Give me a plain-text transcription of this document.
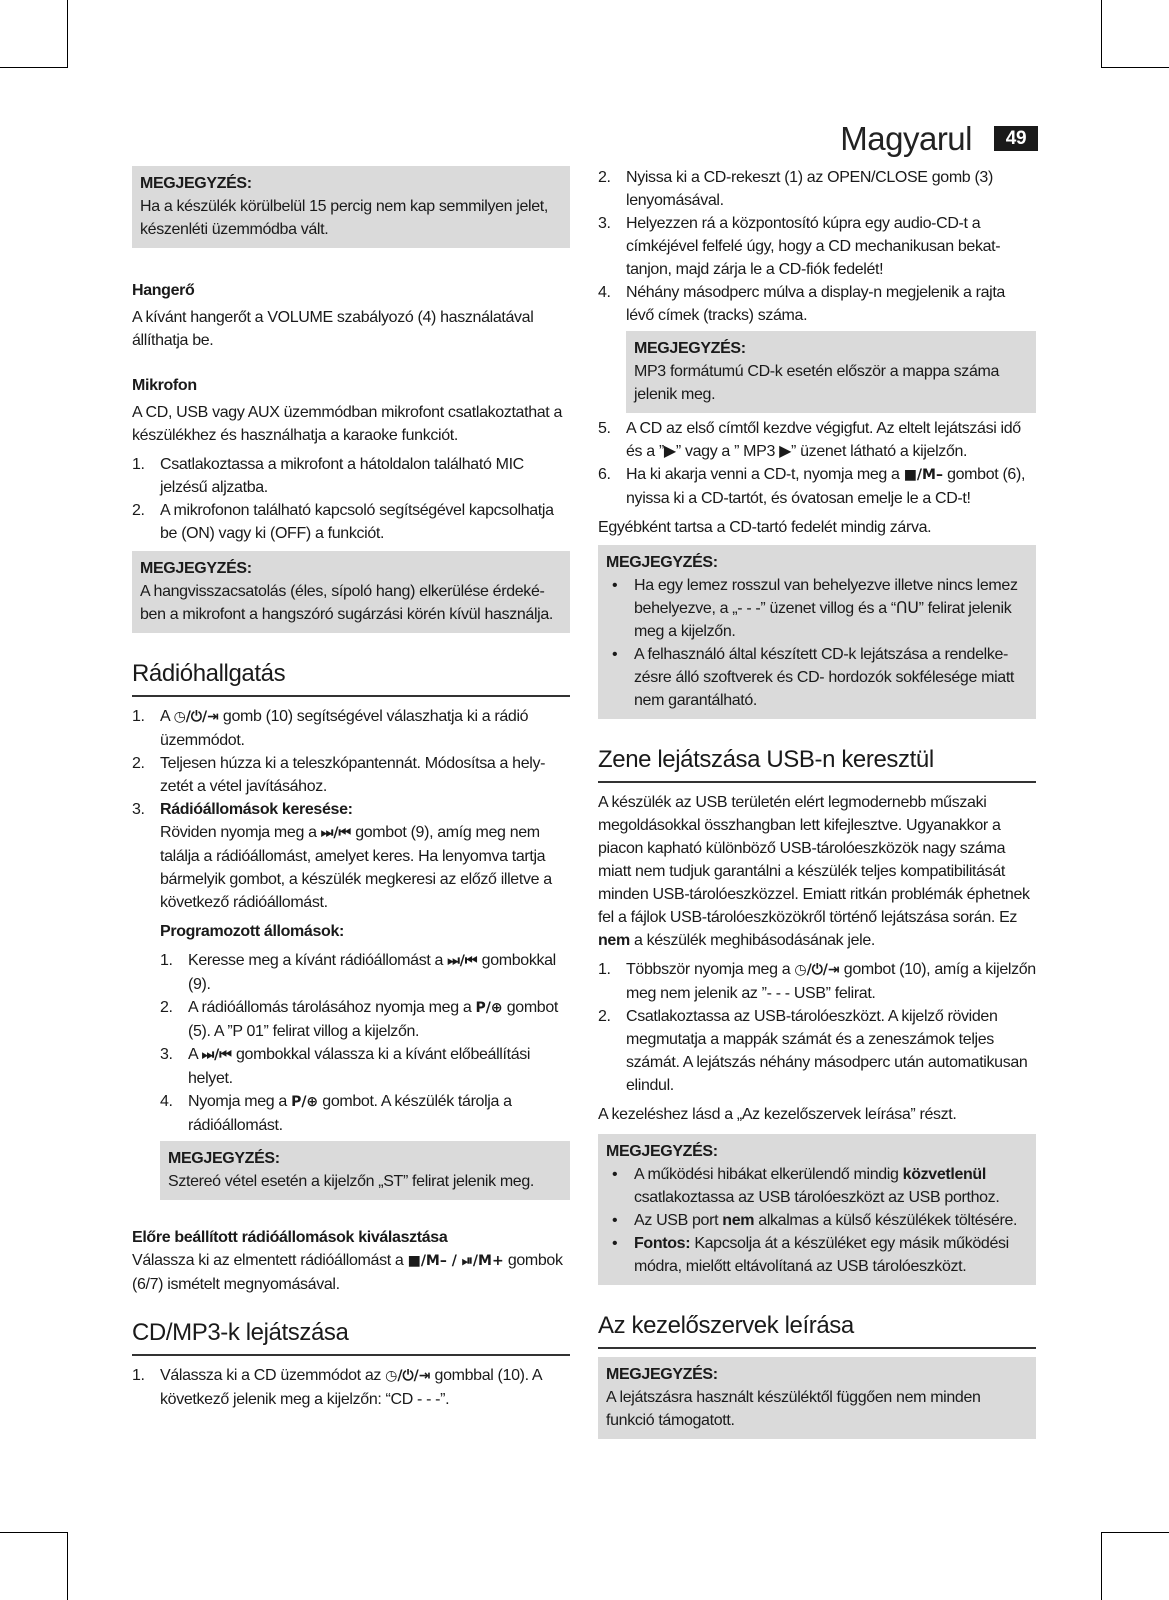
Magyarul	49
MEGJEGYZÉS:
Ha a készülék körülbelül 15 percig nem kap semmilyen jelet, készenléti üzemmódba vált.
Hangerő

A kívánt hangerőt a VOLUME szabályozó (4) használatával állíthatja be.

Mikrofon

A CD, USB vagy AUX üzemmódban mikrofont csatlakoztathat a készülékhez és használhatja a karaoke funkciót.

1. Csatlakoztassa a mikrofont a hátoldalon található MIC jelzésű aljzatba.
2. A mikrofonon található kapcsoló segítségével kapcsolhatja be (ON) vagy ki (OFF) a funkciót.
MEGJEGYZÉS:
A hangvisszacsatolás (éles, sípoló hang) elkerülése érdekében a mikrofont a hangszóró sugárzási körén kívül használja.
Rádióhallgatás
1. A ◷/⏻/⇥ gomb (10) segítségével válaszhatja ki a rádió üzemmódot.
2. Teljesen húzza ki a teleszkópantennát. Módosítsa a helyzetét a vétel javításához.
3. Rádióállomások keresése:
Röviden nyomja meg a ⏭/⏮ gombot (9), amíg meg nem találja a rádióállomást, amelyet keres. Ha lenyomva tartja bármelyik gombot, a készülék megkeresi az előző illetve a következő rádióállomást.
Programozott állomások:
1. Keresse meg a kívánt rádióállomást a ⏭/⏮ gombokkal (9).
2. A rádióállomás tárolásához nyomja meg a P/⊕ gombot (5). A ”P 01” felirat villog a kijelzőn.
3. A ⏭/⏮ gombokkal válassza ki a kívánt előbeállítási helyet.
4. Nyomja meg a P/⊕ gombot. A készülék tárolja a rádióállomást.
MEGJEGYZÉS:
Sztereó vétel esetén a kijelzőn „ST” felirat jelenik meg.
Előre beállított rádióállomások kiválasztása

Válassza ki az elmentett rádióállomást a ■/M– / ⏯/M+ gombok (6/7) ismételt megnyomásával.

CD/MP3-k lejátszása
1. Válassza ki a CD üzemmódot az ◷/⏻/⇥ gombbal (10). A következő jelenik meg a kijelzőn: “CD - - -”.
2. Nyissa ki a CD-rekeszt (1) az OPEN/CLOSE gomb (3) lenyomásával.
3. Helyezzen rá a központosító kúpra egy audio-CD-t a címkéjével felfelé úgy, hogy a CD mechanikusan bekattanjon, majd zárja le a CD-fiók fedelét!
4. Néhány másodperc múlva a display-n megjelenik a rajta lévő címek (tracks) száma.
MEGJEGYZÉS:
MP3 formátumú CD-k esetén először a mappa száma jelenik meg.
5. A CD az első címtől kezdve végigfut. Az eltelt lejátszási idő és a ”▶” vagy a ” MP3 ▶” üzenet látható a kijelzőn.
6. Ha ki akarja venni a CD-t, nyomja meg a ■/M– gombot (6), nyissa ki a CD-tartót, és óvatosan emelje le a CD-t!

Egyébként tartsa a CD-tartó fedelét mindig zárva.

MEGJEGYZÉS:
• Ha egy lemez rosszul van behelyezve illetve nincs lemez behelyezve, a „- - -” üzenet villog és a “ՈՍ” felirat jelenik meg a kijelzőn.
• A felhasználó által készített CD-k lejátszása a rendelkezésre álló szoftverek és CD- hordozók sokfélesége miatt nem garantálható.
Zene lejátszása USB-n keresztül

A készülék az USB területén elért legmodernebb műszaki megoldásokkal összhangban lett kifejlesztve. Ugyanakkor a piacon kapható különböző USB-tárolóeszközök nagy száma miatt nem tudjuk garantálni a készülék teljes kompatibilitását minden USB-tárolóeszközzel. Emiatt ritkán problémák éphetnek fel a fájlok USB-tárolóeszközökről történő lejátszása során. Ez nem a készülék meghibásodásának jele.

1. Többször nyomja meg a ◷/⏻/⇥ gombot (10), amíg a kijelzőn meg nem jelenik az ”- - - USB” felirat.
2. Csatlakoztassa az USB-tárolóeszközt. A kijelző röviden megmutatja a mappák számát és a zeneszámok teljes számát. A lejátszás néhány másodperc után automatikusan elindul.

A kezeléshez lásd a „Az kezelőszervek leírása” részt.

MEGJEGYZÉS:
• A működési hibákat elkerülendő mindig közvetlenül csatlakoztassa az USB tárolóeszközt az USB porthoz.
• Az USB port nem alkalmas a külső készülékek töltésére.
• Fontos: Kapcsolja át a készüléket egy másik működési módra, mielőtt eltávolítaná az USB tárolóeszközt.
Az kezelőszervek leírása
MEGJEGYZÉS:
A lejátszásra használt készüléktől függően nem minden funkció támogatott.
